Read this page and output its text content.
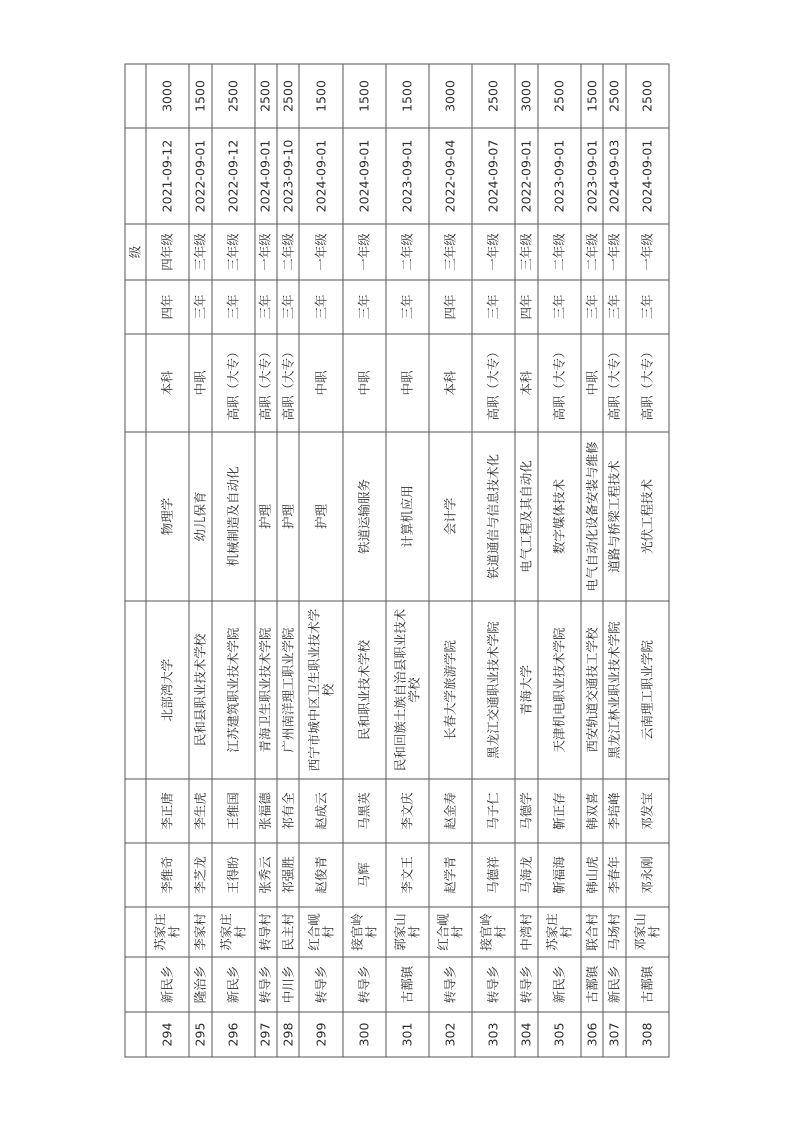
									级		
294	新民乡	苏家庄村	李维奇	李正唐	北部湾大学	物理学	本科	四年	四年级	2021-09-12	3000
295	隆治乡	李家村	李芝龙	李生虎	民和县职业技术学校	幼儿保育	中职	三年	三年级	2022-09-01	1500
296	新民乡	苏家庄村	王得盼	王维国	江苏建筑职业技术学院	机械制造及自动化	高职（大专）	三年	三年级	2022-09-12	2500
297	转导乡	转导村	张秀云	张福德	青海卫生职业技术学院	护理	高职（大专）	三年	一年级	2024-09-01	2500
298	中川乡	民主村	祁强胜	祁有全	广州南洋理工职业学院	护理	高职（大专）	三年	二年级	2023-09-10	2500
299	转导乡	红合岘村	赵俊青	赵成云	西宁市城中区卫生职业技术学校	护理	中职	三年	一年级	2024-09-01	1500
300	转导乡	接官岭村	马辉	马黑英	民和职业技术学校	铁道运输服务	中职	三年	一年级	2024-09-01	1500
301	古鄯镇	郭家山村	李文王	李文庆	民和回族土族自治县职业技术学校	计算机应用	中职	三年	二年级	2023-09-01	1500
302	转导乡	红合岘村	赵学青	赵金寿	长春大学旅游学院	会计学	本科	四年	三年级	2022-09-04	3000
303	转导乡	接官岭村	马德祥	马子仁	黑龙江交通职业技术学院	铁道通信与信息技术化	高职（大专）	三年	一年级	2024-09-07	2500
304	转导乡	中湾村	马海龙	马德学	青海大学	电气工程及其自动化	本科	四年	三年级	2022-09-01	3000
305	新民乡	苏家庄村	靳福海	靳正存	天津机电职业技术学院	数字媒体技术	高职（大专）	三年	二年级	2023-09-01	2500
306	古鄯镇	联合村	韩山虎	韩双喜	西安轨道交通技工学校	电气自动化设备安装与维修	中职	三年	二年级	2023-09-01	1500
307	新民乡	马场村	李春年	李培峰	黑龙江林业职业技术学院	道路与桥梁工程技术	高职（大专）	三年	一年级	2024-09-03	2500
308	古鄯镇	邓家山村	邓永刚	邓发宝	云南理工职业学院	光伏工程技术	高职（大专）	三年	一年级	2024-09-01	2500
